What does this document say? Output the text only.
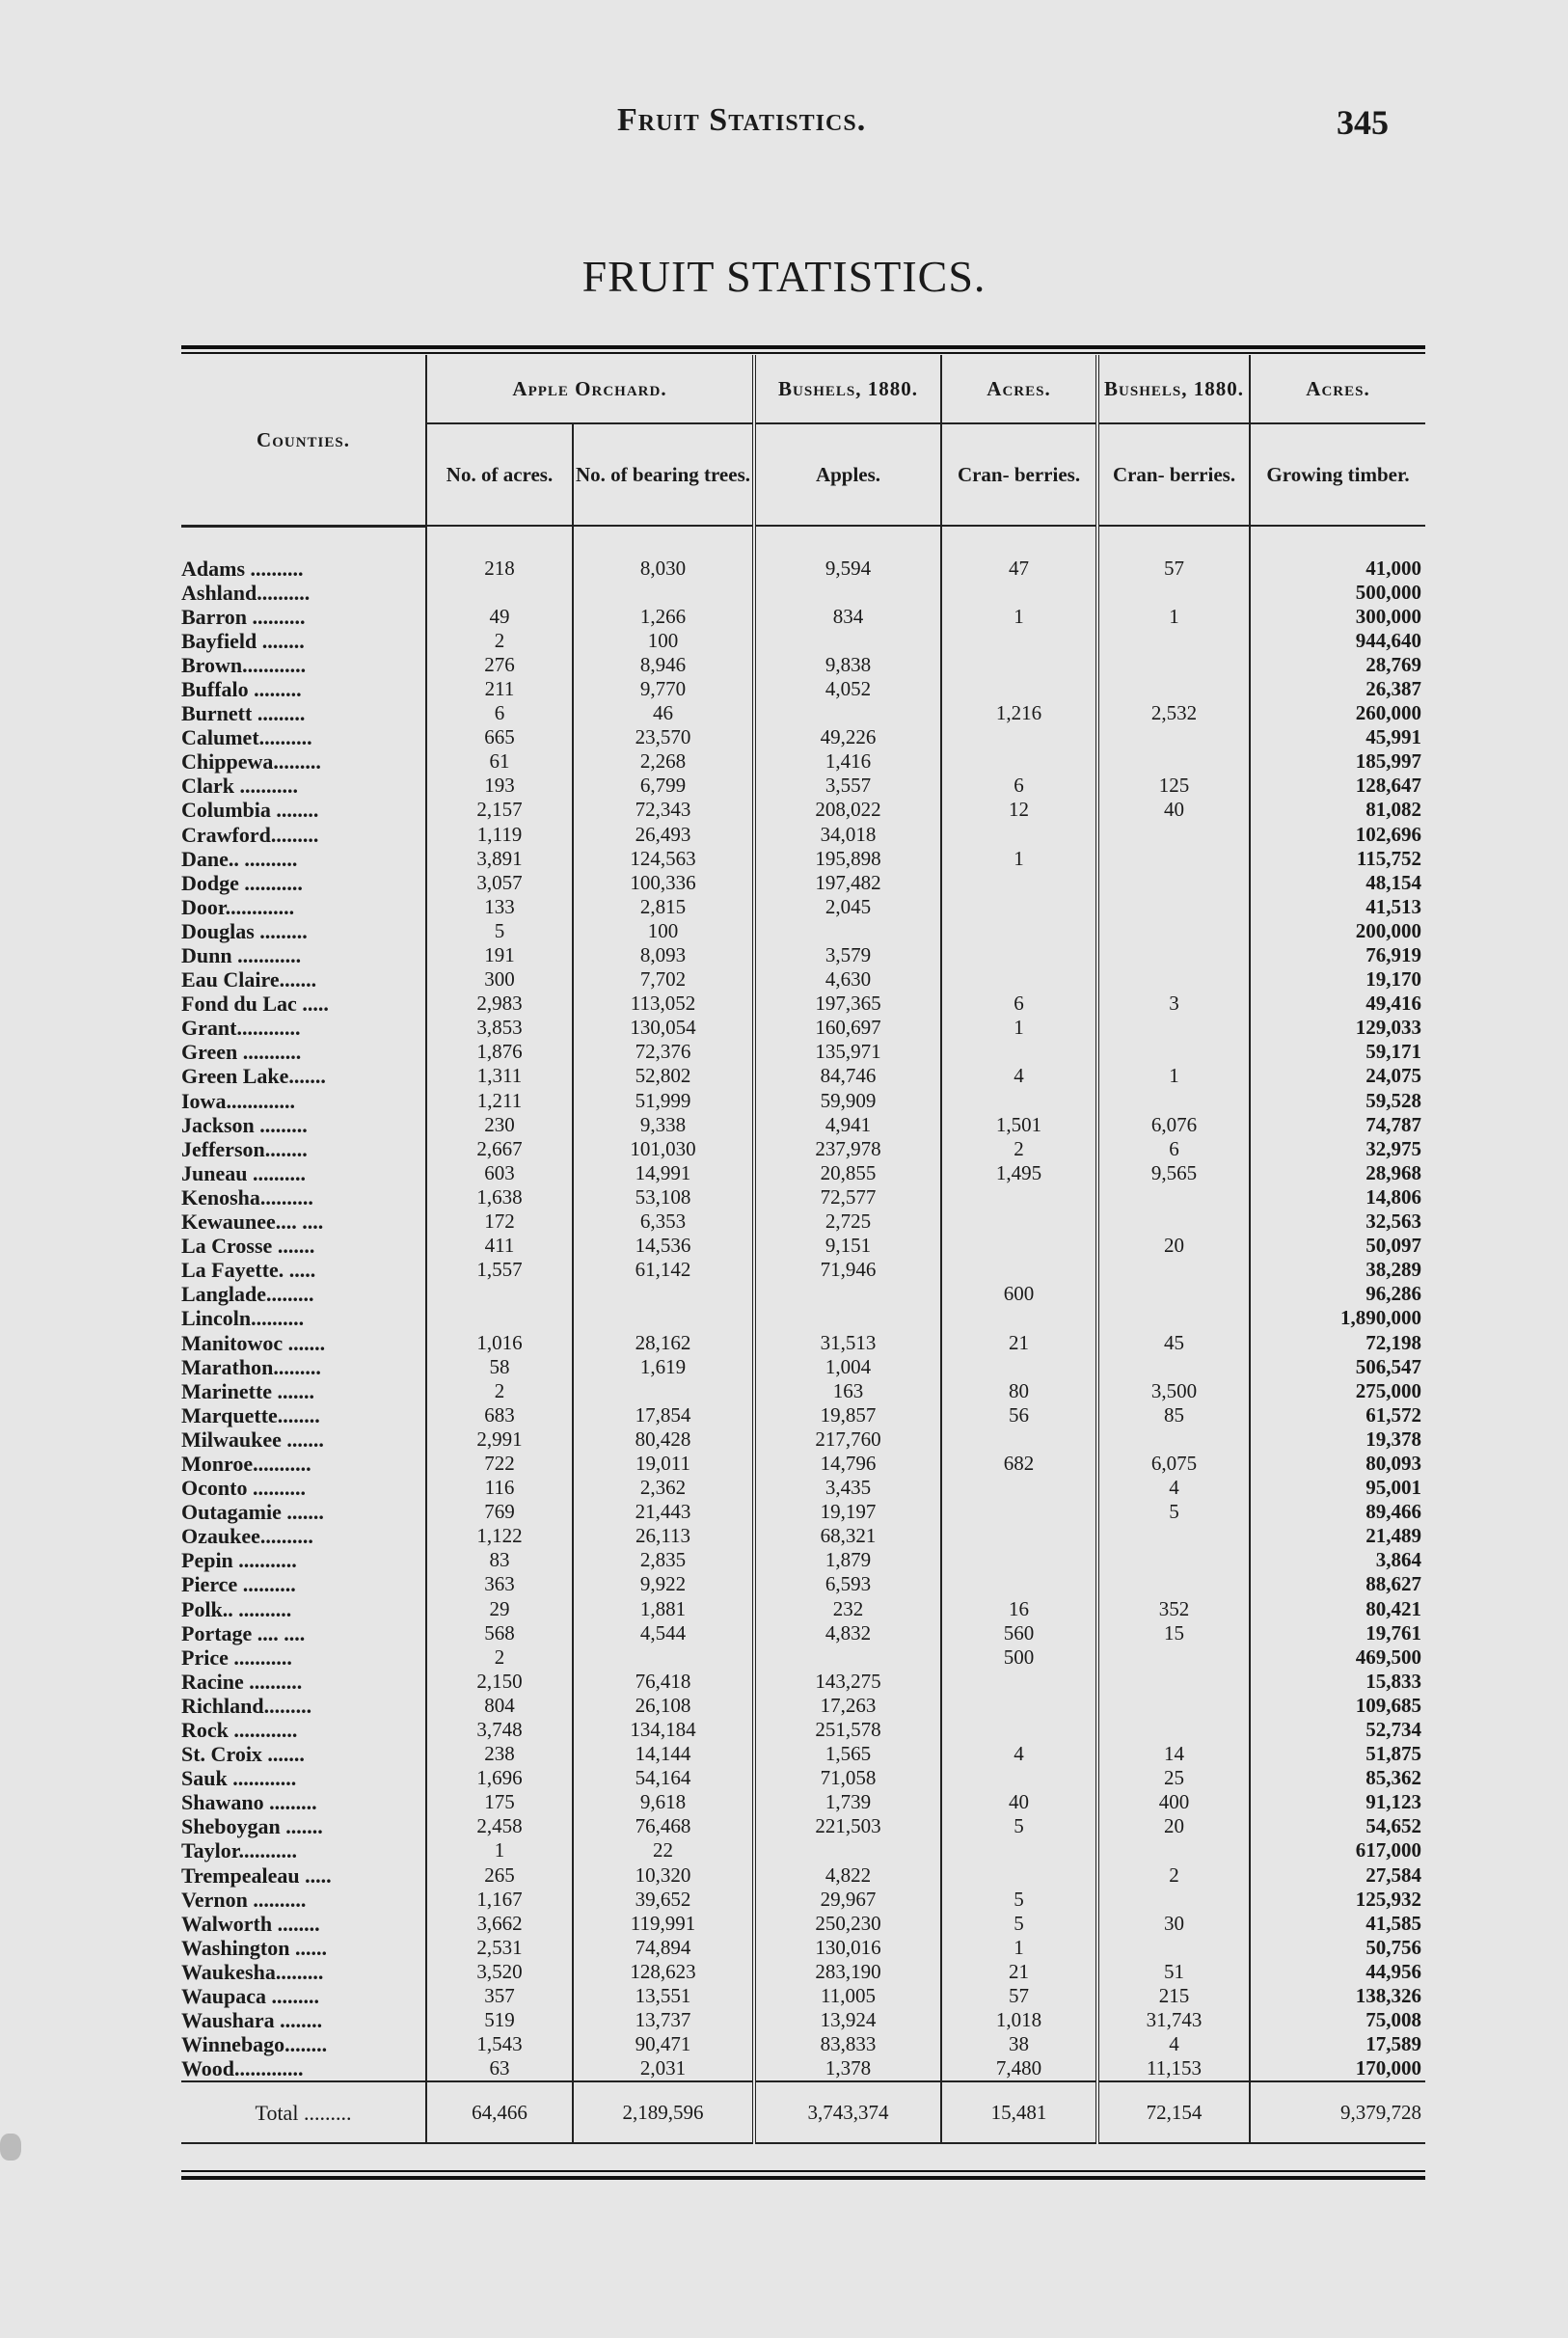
Fruit Statistics.	345
FRUIT STATISTICS.
Counties.	Apple Orchard.		Bushels, 1880.	Acres.	Bushels, 1880.	Acres.
	No. of acres.	No. of bearing trees.	Apples.	Cran- berries.	Cran- berries.	Growing timber.

Adams ..........	218	8,030	9,594	47	57	41,000
Ashland..........						500,000
Barron ..........	49	1,266	834	1	1	300,000
Bayfield ........	2	100				944,640
Brown............	276	8,946	9,838			28,769
Buffalo .........	211	9,770	4,052			26,387
Burnett .........	6	46		1,216	2,532	260,000
Calumet..........	665	23,570	49,226			45,991
Chippewa.........	61	2,268	1,416			185,997
Clark ...........	193	6,799	3,557	6	125	128,647
Columbia ........	2,157	72,343	208,022	12	40	81,082
Crawford.........	1,119	26,493	34,018			102,696
Dane.. ..........	3,891	124,563	195,898	1		115,752
Dodge ...........	3,057	100,336	197,482			48,154
Door.............	133	2,815	2,045			41,513
Douglas .........	5	100				200,000
Dunn ............	191	8,093	3,579			76,919
Eau Claire.......	300	7,702	4,630			19,170
Fond du Lac .....	2,983	113,052	197,365	6	3	49,416
Grant............	3,853	130,054	160,697	1		129,033
Green ...........	1,876	72,376	135,971			59,171
Green Lake.......	1,311	52,802	84,746	4	1	24,075
Iowa.............	1,211	51,999	59,909			59,528
Jackson .........	230	9,338	4,941	1,501	6,076	74,787
Jefferson........	2,667	101,030	237,978	2	6	32,975
Juneau ..........	603	14,991	20,855	1,495	9,565	28,968
Kenosha..........	1,638	53,108	72,577			14,806
Kewaunee.... ....	172	6,353	2,725			32,563
La Crosse .......	411	14,536	9,151		20	50,097
La Fayette. .....	1,557	61,142	71,946			38,289
Langlade.........				600		96,286
Lincoln..........						1,890,000
Manitowoc .......	1,016	28,162	31,513	21	45	72,198
Marathon.........	58	1,619	1,004			506,547
Marinette .......	2		163	80	3,500	275,000
Marquette........	683	17,854	19,857	56	85	61,572
Milwaukee .......	2,991	80,428	217,760			19,378
Monroe...........	722	19,011	14,796	682	6,075	80,093
Oconto ..........	116	2,362	3,435		4	95,001
Outagamie .......	769	21,443	19,197		5	89,466
Ozaukee..........	1,122	26,113	68,321			21,489
Pepin ...........	83	2,835	1,879			3,864
Pierce ..........	363	9,922	6,593			88,627
Polk.. ..........	29	1,881	232	16	352	80,421
Portage .... ....	568	4,544	4,832	560	15	19,761
Price ...........	2			500		469,500
Racine ..........	2,150	76,418	143,275			15,833
Richland.........	804	26,108	17,263			109,685
Rock ............	3,748	134,184	251,578			52,734
St. Croix .......	238	14,144	1,565	4	14	51,875
Sauk ............	1,696	54,164	71,058		25	85,362
Shawano .........	175	9,618	1,739	40	400	91,123
Sheboygan .......	2,458	76,468	221,503	5	20	54,652
Taylor...........	1	22				617,000
Trempealeau .....	265	10,320	4,822		2	27,584
Vernon ..........	1,167	39,652	29,967	5		125,932
Walworth ........	3,662	119,991	250,230	5	30	41,585
Washington ......	2,531	74,894	130,016	1		50,756
Waukesha.........	3,520	128,623	283,190	21	51	44,956
Waupaca .........	357	13,551	11,005	57	215	138,326
Waushara ........	519	13,737	13,924	1,018	31,743	75,008
Winnebago........	1,543	90,471	83,833	38	4	17,589
Wood.............	63	2,031	1,378	7,480	11,153	170,000
Total .........	64,466	2,189,596	3,743,374	15,481	72,154	9,379,728
